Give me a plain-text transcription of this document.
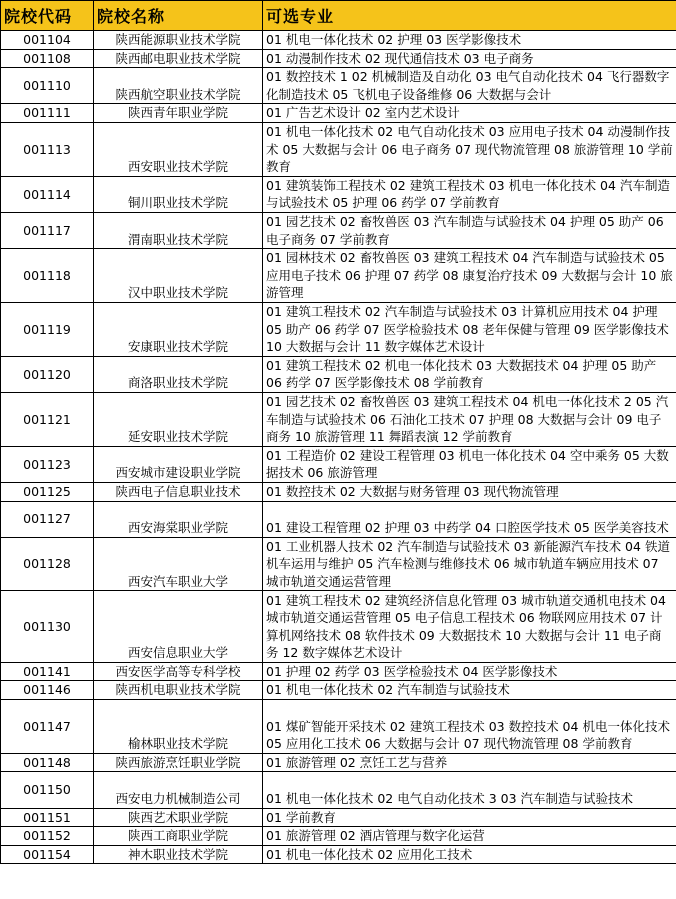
院校代码	院校名称	可选专业
001104	陕西能源职业技术学院	01 机电一体化技术 02 护理 03 医学影像技术
001108	陕西邮电职业技术学院	01 动漫制作技术 02 现代通信技术 03 电子商务
001110	陕西航空职业技术学院	01 数控技术 1 02 机械制造及自动化 03 电气自动化技术 04 飞行器数字化制造技术 05 飞机电子设备维修 06 大数据与会计
001111	陕西青年职业学院	01 广告艺术设计 02 室内艺术设计
001113	西安职业技术学院	01 机电一体化技术 02 电气自动化技术 03 应用电子技术 04 动漫制作技术 05 大数据与会计 06 电子商务 07 现代物流管理 08 旅游管理 10 学前教育
001114	铜川职业技术学院	01 建筑装饰工程技术 02 建筑工程技术 03 机电一体化技术 04 汽车制造与试验技术 05 护理 06 药学 07 学前教育
001117	渭南职业技术学院	01 园艺技术 02 畜牧兽医 03 汽车制造与试验技术 04 护理 05 助产 06 电子商务 07 学前教育
001118	汉中职业技术学院	01 园林技术 02 畜牧兽医 03 建筑工程技术 04 汽车制造与试验技术 05 应用电子技术 06 护理 07 药学 08 康复治疗技术 09 大数据与会计 10 旅游管理
001119	安康职业技术学院	01 建筑工程技术 02 汽车制造与试验技术 03 计算机应用技术 04 护理 05 助产 06 药学 07 医学检验技术 08 老年保健与管理 09 医学影像技术 10 大数据与会计 11 数字媒体艺术设计
001120	商洛职业技术学院	01 建筑工程技术 02 机电一体化技术 03 大数据技术 04 护理 05 助产 06 药学 07 医学影像技术 08 学前教育
001121	延安职业技术学院	01 园艺技术 02 畜牧兽医 03 建筑工程技术 04 机电一体化技术 2 05 汽车制造与试验技术 06 石油化工技术 07 护理 08 大数据与会计 09 电子商务 10 旅游管理 11 舞蹈表演 12 学前教育
001123	西安城市建设职业学院	01 工程造价 02 建设工程管理 03 机电一体化技术 04 空中乘务 05 大数据技术 06 旅游管理
001125	陕西电子信息职业技术	01 数控技术 02 大数据与财务管理 03 现代物流管理
001127	西安海棠职业学院	01 建设工程管理 02 护理 03 中药学 04 口腔医学技术 05 医学美容技术
001128	西安汽车职业大学	01 工业机器人技术 02 汽车制造与试验技术 03 新能源汽车技术 04 铁道机车运用与维护 05 汽车检测与维修技术 06 城市轨道车辆应用技术 07 城市轨道交通运营管理
001130	西安信息职业大学	01 建筑工程技术 02 建筑经济信息化管理 03 城市轨道交通机电技术 04 城市轨道交通运营管理 05 电子信息工程技术 06 物联网应用技术 07 计算机网络技术 08 软件技术 09 大数据技术 10 大数据与会计 11 电子商务 12 数字媒体艺术设计
001141	西安医学高等专科学校	01 护理 02 药学 03 医学检验技术 04 医学影像技术
001146	陕西机电职业技术学院	01 机电一体化技术 02 汽车制造与试验技术
001147	榆林职业技术学院	01 煤矿智能开采技术 02 建筑工程技术 03 数控技术 04 机电一体化技术 05 应用化工技术 06 大数据与会计 07 现代物流管理 08 学前教育
001148	陕西旅游烹饪职业学院	01 旅游管理 02 烹饪工艺与营养
001150	西安电力机械制造公司	01 机电一体化技术 02 电气自动化技术 3 03 汽车制造与试验技术
001151	陕西艺术职业学院	01 学前教育
001152	陕西工商职业学院	01 旅游管理 02 酒店管理与数字化运营
001154	神木职业技术学院	01 机电一体化技术 02 应用化工技术
